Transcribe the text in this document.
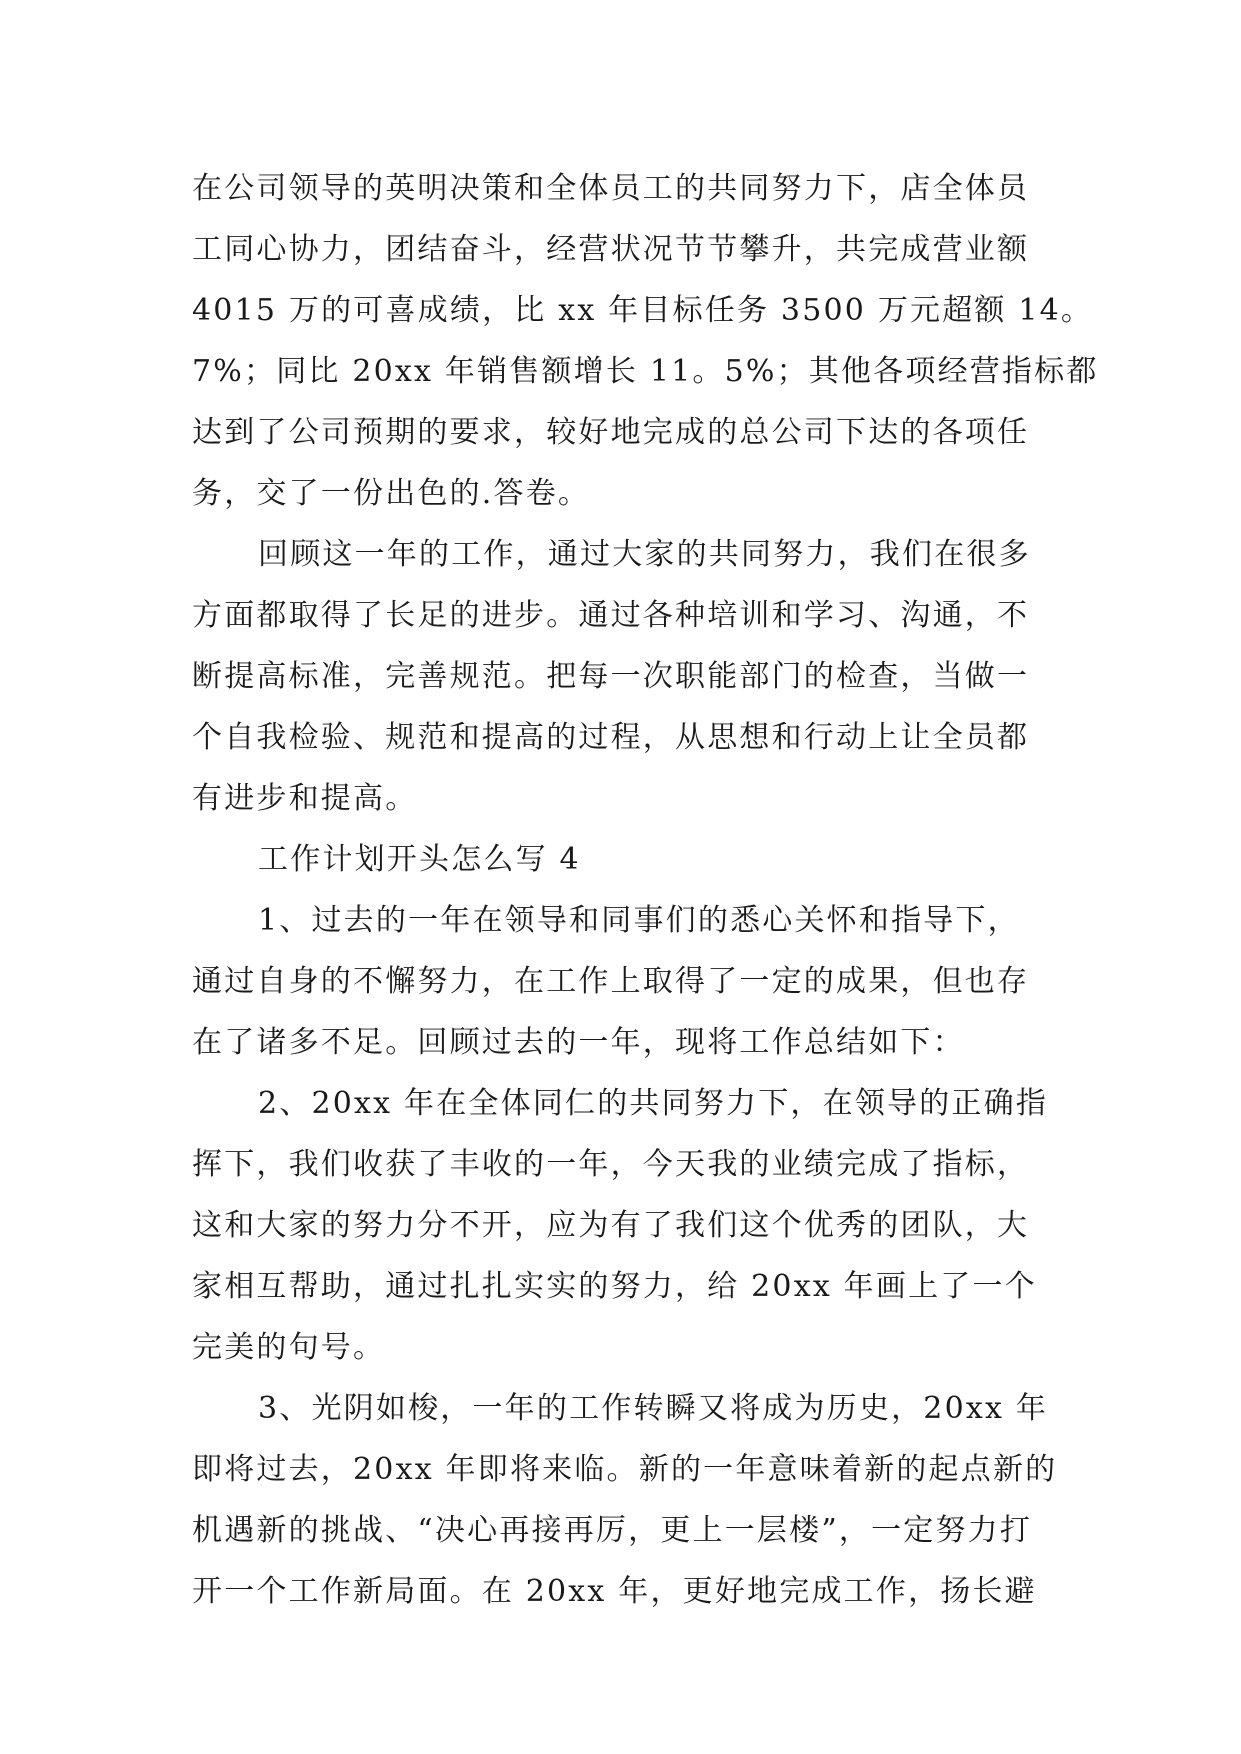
在公司领导的英明决策和全体员工的共同努力下，店全体员
工同心协力，团结奋斗，经营状况节节攀升，共完成营业额
4015 万的可喜成绩，比 xx 年目标任务 3500 万元超额 14。
7%；同比 20xx 年销售额增长 11。5%；其他各项经营指标都
达到了公司预期的要求，较好地完成的总公司下达的各项任
务，交了一份出色的.答卷。
回顾这一年的工作，通过大家的共同努力，我们在很多
方面都取得了长足的进步。通过各种培训和学习、沟通，不
断提高标准，完善规范。把每一次职能部门的检查，当做一
个自我检验、规范和提高的过程，从思想和行动上让全员都
有进步和提高。
工作计划开头怎么写 4
1、过去的一年在领导和同事们的悉心关怀和指导下，
通过自身的不懈努力，在工作上取得了一定的成果，但也存
在了诸多不足。回顾过去的一年，现将工作总结如下：
2、20xx 年在全体同仁的共同努力下，在领导的正确指
挥下，我们收获了丰收的一年，今天我的业绩完成了指标，
这和大家的努力分不开，应为有了我们这个优秀的团队，大
家相互帮助，通过扎扎实实的努力，给 20xx 年画上了一个
完美的句号。
3、光阴如梭，一年的工作转瞬又将成为历史，20xx 年
即将过去，20xx 年即将来临。新的一年意味着新的起点新的
机遇新的挑战、“决心再接再厉，更上一层楼”，一定努力打
开一个工作新局面。在 20xx 年，更好地完成工作，扬长避
